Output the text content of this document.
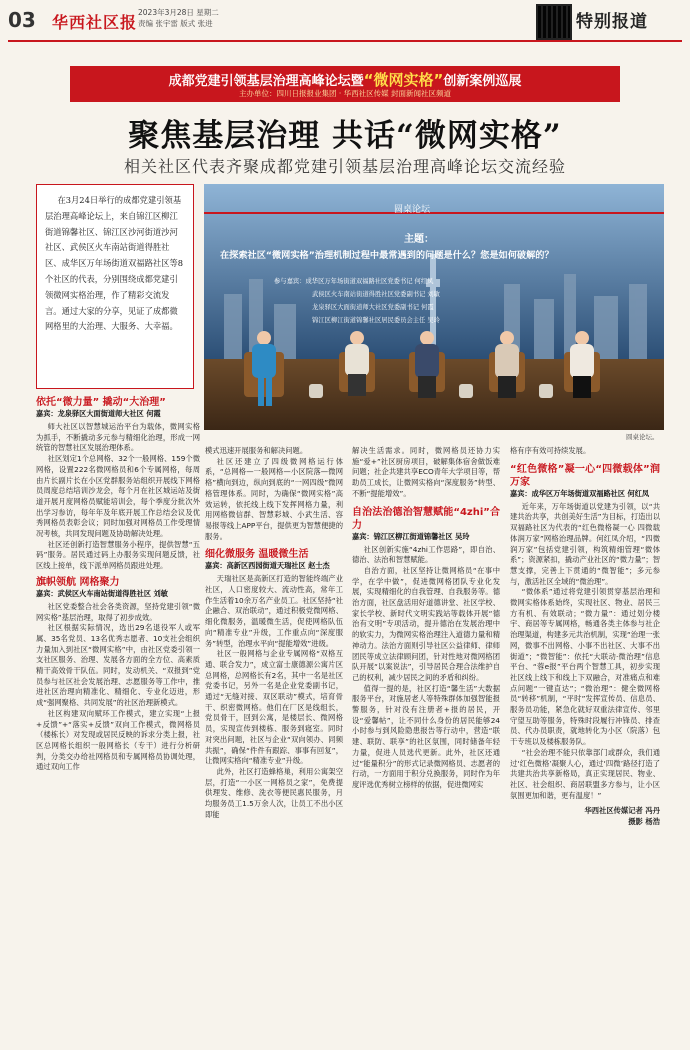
03 华西社区报
2023年3月28日 星期二
责编 张宇雷 版式 张进	特别报道
成都党建引领基层治理高峰论坛暨“微网实格”创新案例巡展
主办单位：四川日报报业集团 · 华西社区传媒 封面新闻社区频道
聚焦基层治理 共话“微网实格”
相关社区代表齐聚成都党建引领基层治理高峰论坛交流经验
在3月24日举行的成都党建引领基层治理高峰论坛上，来自锦江区柳江街道锦馨社区、锦江区沙河街道沙河社区、武侯区火车南站街道得胜社区、成华区万年场街道双福路社区等8个社区的代表，分别围绕成都党建引领微网实格治理，作了精彩交流发言。通过大家的分享，见证了成都微网格里的大治理、大服务、大幸福。
圆桌论坛
主题：
在探索社区“微网实格”治理机制过程中最常遇到的问题是什么？您是如何破解的？
参与嘉宾：成华区万年场街道双福路社区党委书记 何红凤
武侯区火车南站街道得胜社区党委副书记 刘敏
龙泉驿区大面街道师大社区党委副书记 何霞
锦江区柳江街道锦馨社区居民委员会主任 吴玲
圆桌论坛。
依托“微力量” 撬动“大治理”
嘉宾：龙泉驿区大面街道师大社区 何霞

师大社区以智慧城运治平台为载体，微网实格为抓手，不断撬动多元参与精细化治理，形成一网统管的智慧社区发展治理体系。

社区划定1个总网格、32个一般网格、159个微网格，设置222名微网格员和6个专属网格，每周由片长副片长在小区党群服务站组织开展线下网格员周度总结培训沙龙会，每个月在社区城运站及街道开展月度网格员赋能培训会，每个季度分批次外出学习参访，每年年及年底开展工作总结会议及优秀网格员表彰会议；同时加强对网格员工作受理情况考核，共同发现问题及协助解决处理。

社区还创新打造智慧服务小程序，提供智慧“五码”服务。居民通过码上办服务实现问题反馈，社区线上接单，线下派单网格员跟进处理。

旗帜领航 网格聚力
嘉宾：武侯区火车南站街道得胜社区 刘敏

社区党委整合社会各类资源，坚持党建引领“微网实格”基层治理，取得了初步成效。

社区根据实际情况，选出29名退役军人或军属、35名党员、13名优秀志愿者、10支社会组织力量加入到社区“微网实格”中，由社区党委引领一支社区服务、治理、发展各方面的全方位、高素质精干高效骨干队伍。同时，发动机关、“双报到”党员参与社区社会发展治理、志愿服务等工作中，推进社区治理向精准化、精细化、专业化迈进，形成“强网聚格、共同发展”的社区治理新模式。

社区构建双向赋环工作模式，建立实现“上报+反馈”+“落实+反馈”双向工作模式，微网格员（楼栋长）对发现或居民反映的诉求分类上报，社区总网格长组织一般网格长（专干）进行分析研判，分类交办给社网格员和专属网格员协调处理，通过双向工作

模式迅速开展服务和解决问题。

社区还建立了四级微网格运行体系，“总网格—一般网格—小区院落—微网格”横向到边，纵向到底的“一网四级”微网格管理体系。同时，为确保“微网实格”高效运转，依托线上线下发挥网格力量，利用网格微信群、智慧彩城、小武生活、容易报等线上APP平台，提供更为智慧便捷的服务。

细化微服务 温暖微生活
嘉宾：高新区西园街道天瑞社区 赵士杰

天瑞社区是高新区打造的智能终端产业社区，人口密度较大、流动性高，常年工作生活着10余万名产业员工。社区坚持“社企融合、双治联动”，通过积极党微网格、细化微服务，温暖微生活，促使网格队伍向“精准专业”升级，工作重点向“深度服务”转型，治理水平向“提能增效”进级。

社区一般网格与企业专属网格“双格互通、联合发力”，成立富士康德源公寓片区总网格，总网格长有2名，其中一名是社区党委书记，另外一名是企业党委副书记，通过“无缝对接、双区联动”模式，培育骨干、织密微网格。他们在厂区是线组长，党员骨干，回到公寓，是楼层长、微网格员，实现宣传到楼栋、服务到寝室。同时对突出问题，社区与企业“双向领办、同频共振”，确保“件件有跟踪、事事有回复”，让微网实格向“精准专业”升级。

此外，社区打造蜂格巢，利用公寓架空层，打造“一小区一网格员之家”，免费提供理发、维修、洗衣等便民惠民服务，月均服务员工1.5万余人次，让员工不出小区即能

解决生活需求。同时，微网格员还协力实施“爱+”社区厨房项目，破解集体宿舍做饭难问题；社企共建共享ECO青年大学项目等，帮助员工成长，让微网实格向“深度服务”转型、不断“提能增效”。

自治法治德治智慧赋能“4zhi”合力
嘉宾：锦江区柳江街道锦馨社区 吴玲

社区创新实施“4zhi工作思路”，即自治、德治、法治和智慧赋能。

自治方面，社区坚持让微网格员“在事中学，在学中做”，促进微网格团队专业化发展，实现精细化的自我管理、自我服务等。德治方面，社区盘活用好道德讲堂、社区学校、家长学校、新时代文明实践站等载体开展“德治有文明”专项活动，提升德治在发展治理中的软实力，为微网实格治理注入道德力量和精神动力。法治方面则引导社区公益律师、律师团民等成立法律顾问团，针对性地对微网格团队开展“以案说法”，引导居民合理合法维护自己的权利，减少居民之间的矛盾和纠纷。

值得一提的是，社区打造“馨生活”大数据服务平台，对施居老人等特殊群体加强智能报警服务，针对没有注册者+报的居民，开设“爱馨帖”，让不同什么身份的居民能够24小时参与到风险隐患报告等行动中，营造“联建、联防、联享”的社区氛围，同时储备年轻力量，促进人员选代更新。此外，社区还通过“能量积分”的形式记录微网格员、志愿者的行动，一方面用于积分兑换服务，同时作为年度评选优秀树立榜样的依据，促进微网实

格有序有效可持续发展。

“红色微格”凝一心“四微载体”润万家
嘉宾：成华区万年场街道双福路社区 何红凤

近年来，万年场街道以党建为引领，以“共建共治共享，共创美好生活”为目标，打造出以双福路社区为代表的“红色微格凝一心 四微载体润万家”网格治理品牌。何红凤介绍，“四微润万家”包括党建引领，构筑精细管理“微体系”；资源紧扣，撬动产业社区的“微力量”；智慧支撑，完善上下贯通的“微智能”；多元参与，激活社区全域的“微治理”。

“微体系”通过将党建引领贯穿基层治理和微网实格体系始终，实现社区、物业、居民三方有机、有效联动；“微力量”：通过划分楼宇、商居等专属网格，畅通各类主体参与社企治理渠道，构建多元共治机制，实现“治理一张网，微事不出网格、小事不出社区、大事不出街道”；“微智能”：依托“大联动·微治理”信息平台、“蓉e报”平台两个智慧工具，初步实现社区线上线下和线上下双融合，对准痛点和难点问题“一键直达”；“微治理”：健全微网格员“转移”机制，“平时”发挥宣传员、信息员、服务员功能，紧急化就好双重法律宣传、邻里守望互助等服务，特殊时段履行冲锋员、排查员、代办员职责，就地转化为小区（院落）包干专班以及楼栋服务队。

“社会治理不能只依靠部门或群众，我们通过‘红色微格’凝聚人心，通过‘四微’路径打造了共建共治共享新格局，真正实现居民、物业、社区、社会组织、商居联盟多方参与，让小区氛围更加和谐，更有温度！”

华西社区传媒记者 冯丹
摄影 杨浩
